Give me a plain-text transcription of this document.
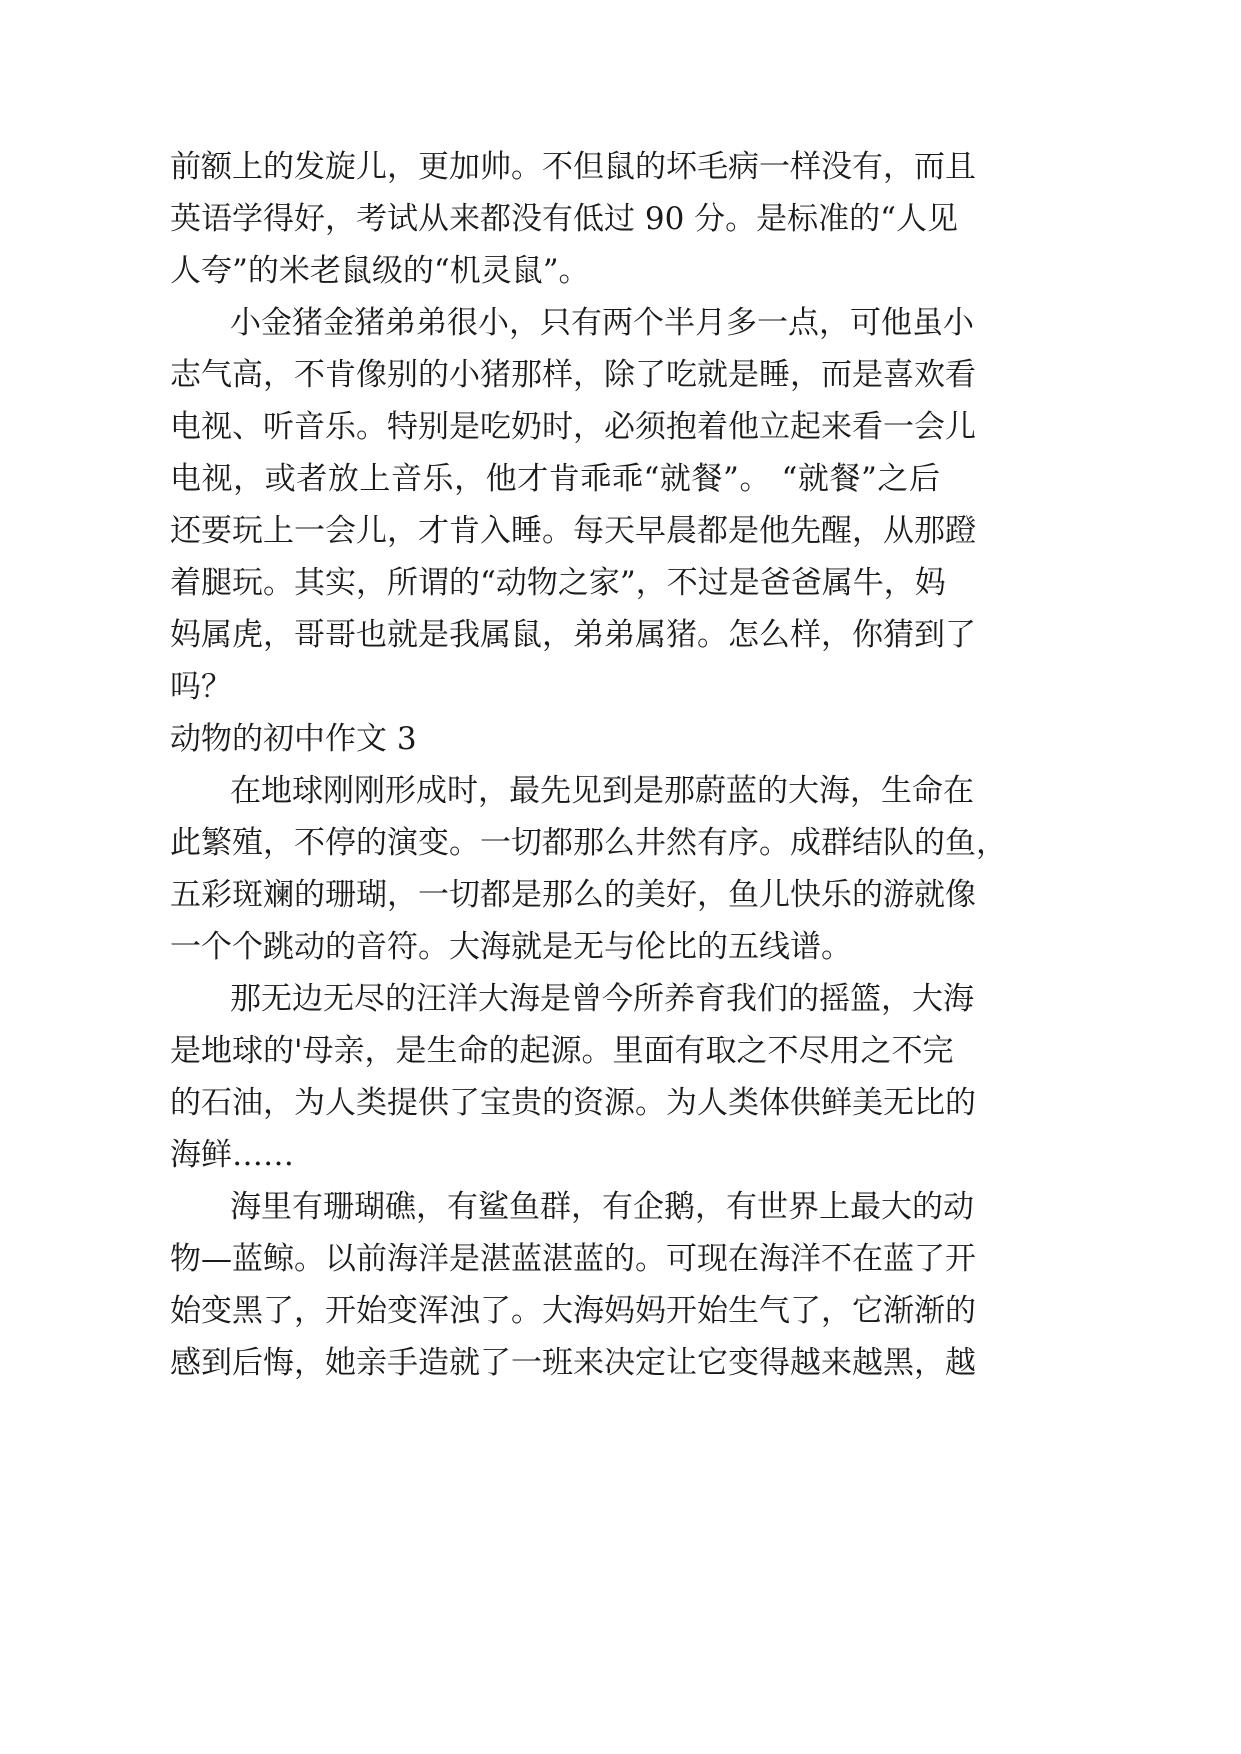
前额上的发旋儿，更加帅。不但鼠的坏毛病一样没有，而且
英语学得好，考试从来都没有低过 90 分。是标准的“人见
人夸”的米老鼠级的“机灵鼠”。
小金猪金猪弟弟很小，只有两个半月多一点，可他虽小
志气高，不肯像别的小猪那样，除了吃就是睡，而是喜欢看
电视、听音乐。特别是吃奶时，必须抱着他立起来看一会儿
电视，或者放上音乐，他才肯乖乖“就餐”。 “就餐”之后
还要玩上一会儿，才肯入睡。每天早晨都是他先醒，从那蹬
着腿玩。其实，所谓的“动物之家”，不过是爸爸属牛，妈
妈属虎，哥哥也就是我属鼠，弟弟属猪。怎么样，你猜到了
吗？
动物的初中作文 3
在地球刚刚形成时，最先见到是那蔚蓝的大海，生命在
此繁殖，不停的演变。一切都那么井然有序。成群结队的鱼，
五彩斑斓的珊瑚，一切都是那么的美好，鱼儿快乐的游就像
一个个跳动的音符。大海就是无与伦比的五线谱。
那无边无尽的汪洋大海是曾今所养育我们的摇篮，大海
是地球的'母亲，是生命的起源。里面有取之不尽用之不完
的石油，为人类提供了宝贵的资源。为人类体供鲜美无比的
海鲜……
海里有珊瑚礁，有鲨鱼群，有企鹅，有世界上最大的动
物—蓝鲸。以前海洋是湛蓝湛蓝的。可现在海洋不在蓝了开
始变黑了，开始变浑浊了。大海妈妈开始生气了，它渐渐的
感到后悔，她亲手造就了一班来决定让它变得越来越黑，越
